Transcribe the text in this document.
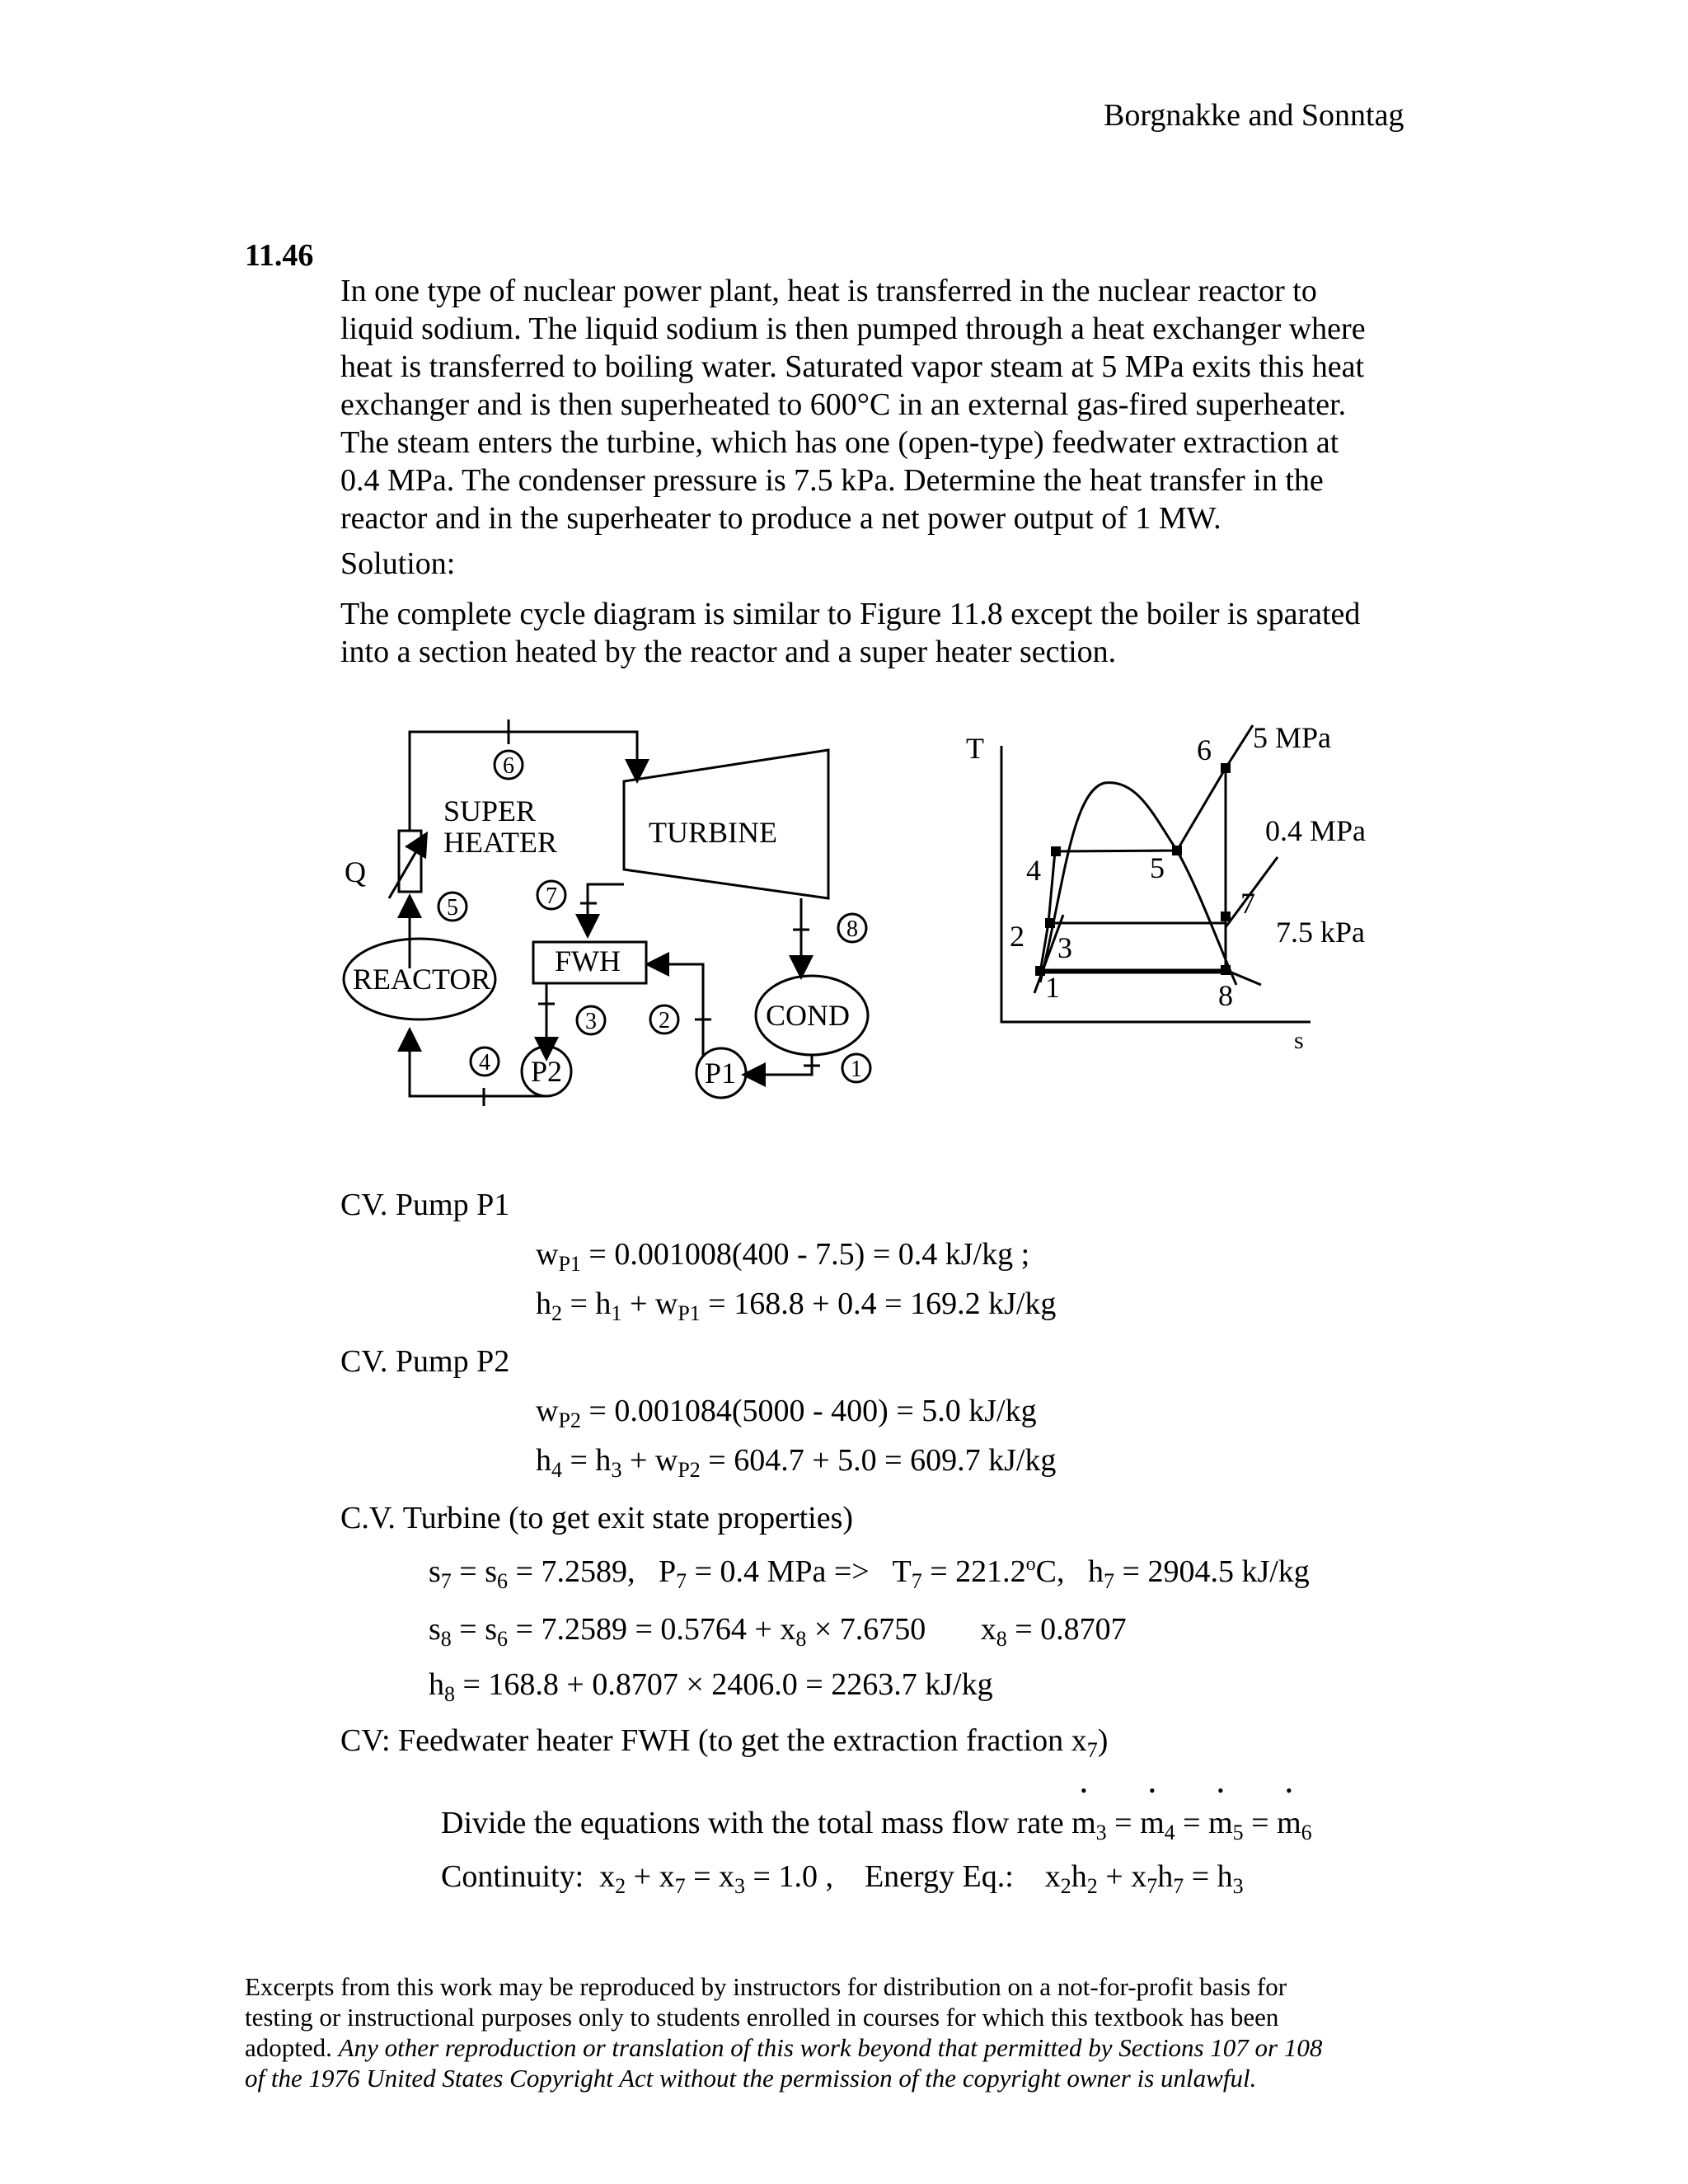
Borgnakke and Sonntag
11.46
In one type of nuclear power plant, heat is transferred in the nuclear reactor to
liquid sodium. The liquid sodium is then pumped through a heat exchanger where
heat is transferred to boiling water. Saturated vapor steam at 5 MPa exits this heat
exchanger and is then superheated to 600°C in an external gas-fired superheater.
The steam enters the turbine, which has one (open-type) feedwater extraction at
0.4 MPa. The condenser pressure is 7.5 kPa. Determine the heat transfer in the
reactor and in the superheater to produce a net power output of 1 MW.
Solution:
The complete cycle diagram is similar to Figure 11.8 except the boiler is sparated
into a section heated by the reactor and a super heater section.
SUPER
HEATER	TURBINE
Q
REACTOR
FWH
COND
P2	P1
6
5	7
8
3	2
4	1
T
s
5 MPa
0.4 MPa
7.5 kPa
6
5
4
2 3
1
7
8
CV. Pump P1
$w_{P1} = 0.001008(400 - 7.5) = 0.4$ kJ/kg ;
$h_2 = h_1 + w_{P1} = 168.8 + 0.4 = 169.2$ kJ/kg
CV. Pump P2
$w_{P2} = 0.001084(5000 - 400) = 5.0$ kJ/kg
$h_4 = h_3 + w_{P2} = 604.7 + 5.0 = 609.7$ kJ/kg
C.V. Turbine (to get exit state properties)
$s_7 = s_6 = 7.2589$,   $P_7 = 0.4$ MPa =>   $T_7 = 221.2^oC$,   $h_7 = 2904.5$ kJ/kg
$s_8 = s_6 = 7.2589 = 0.5764 + x_8 \times 7.6750$       $x_8 = 0.8707$
$h_8 = 168.8 + 0.8707 \times 2406.0 = 2263.7$ kJ/kg
CV: Feedwater heater FWH (to get the extraction fraction $x_7$)
Divide the equations with the total mass flow rate • $m_3$ = • $m_4$ = • $m_5$ = • $m_6$
Continuity:  $x_2 + x_7 = x_3 = 1.0$ , Energy Eq.:    $x_2h_2 + x_7h_7 = h_3$
Excerpts from this work may be reproduced by instructors for distribution on a not-for-profit basis for
testing or instructional purposes only to students enrolled in courses for which this textbook has been
adopted. Any other reproduction or translation of this work beyond that permitted by Sections 107 or 108
of the 1976 United States Copyright Act without the permission of the copyright owner is unlawful.
